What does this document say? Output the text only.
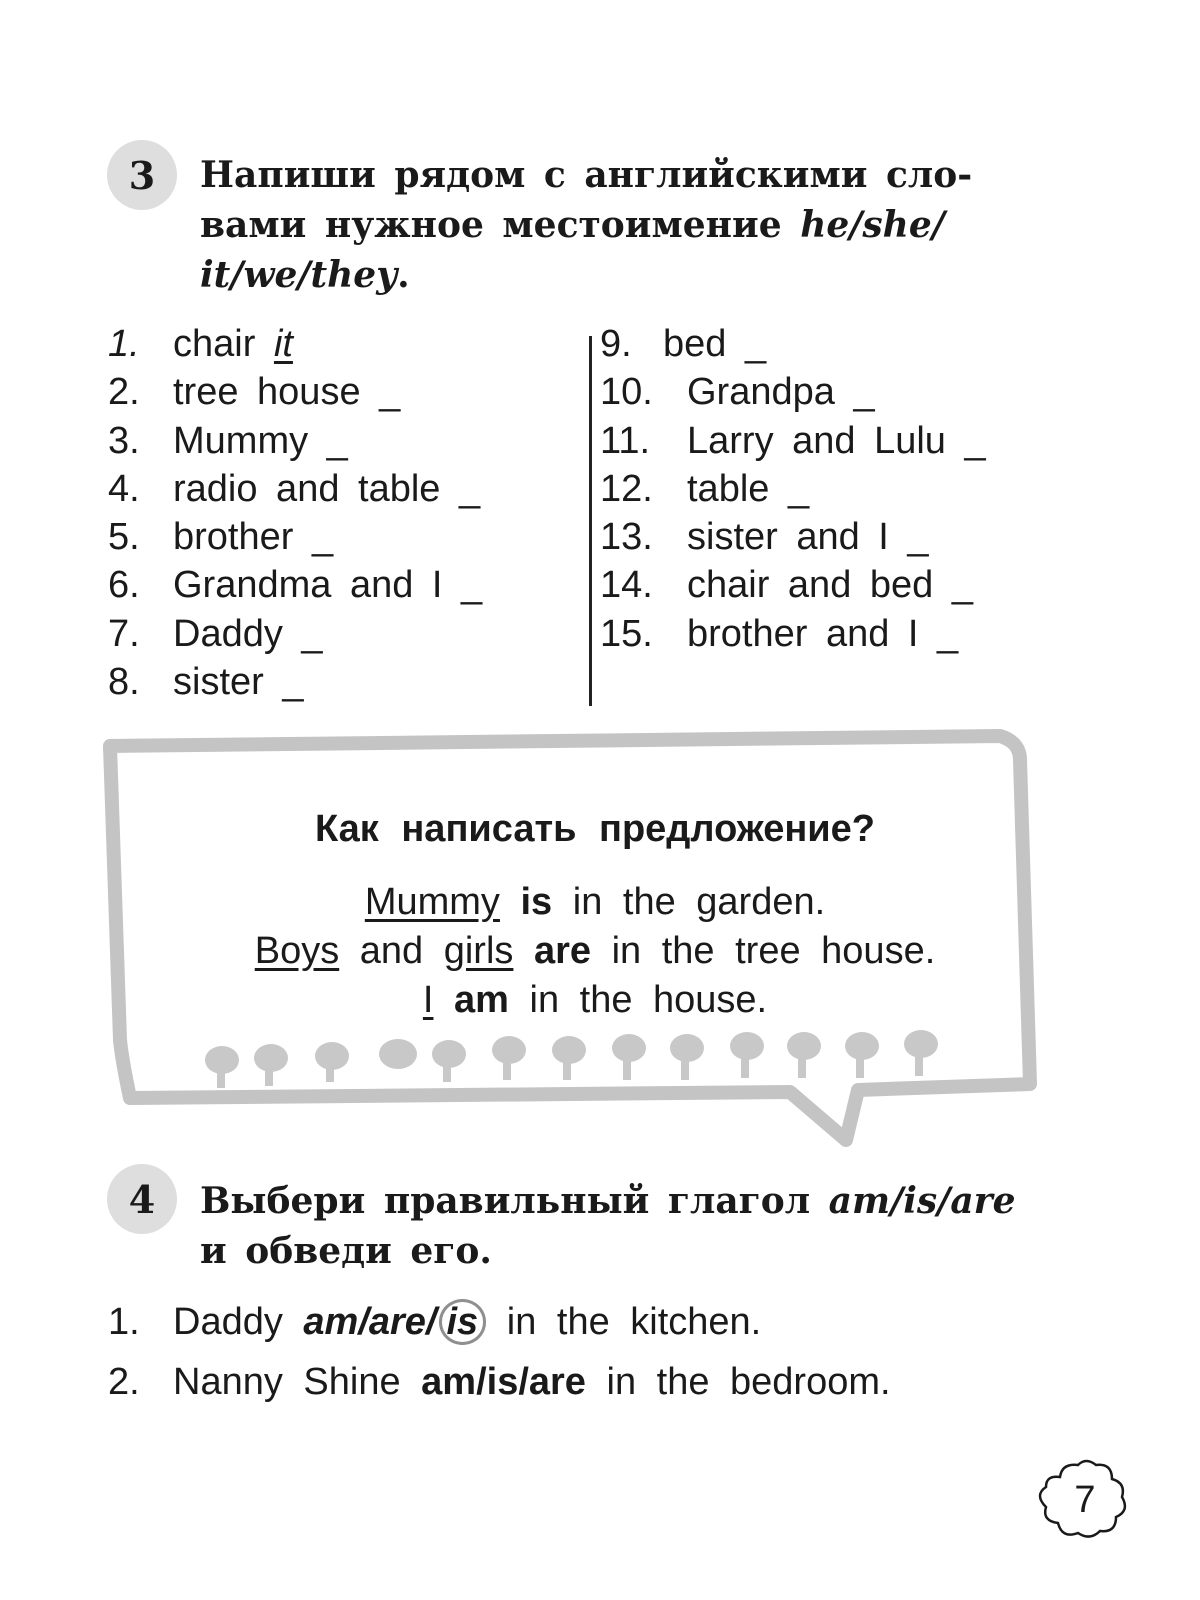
3 Напиши рядом с английскими сло-
вами нужное местоимение he/she/
it/we/they.
1. chair it
2. tree house _
3. Mummy _
4. radio and table _
5. brother _
6. Grandma and I _
7. Daddy _
8. sister _
9. bed _
10. Grandpa _
11. Larry and Lulu _
12. table _
13. sister and I _
14. chair and bed _
15. brother and I _
Как написать предложение?
Mummy is in the garden.
Boys and girls are in the tree house.
I am in the house.
4 Выбери правильный глагол am/is/are
и обведи его.
1. Daddy am/are/ is in the kitchen.
2. Nanny Shine am/is/are in the bedroom.
7
